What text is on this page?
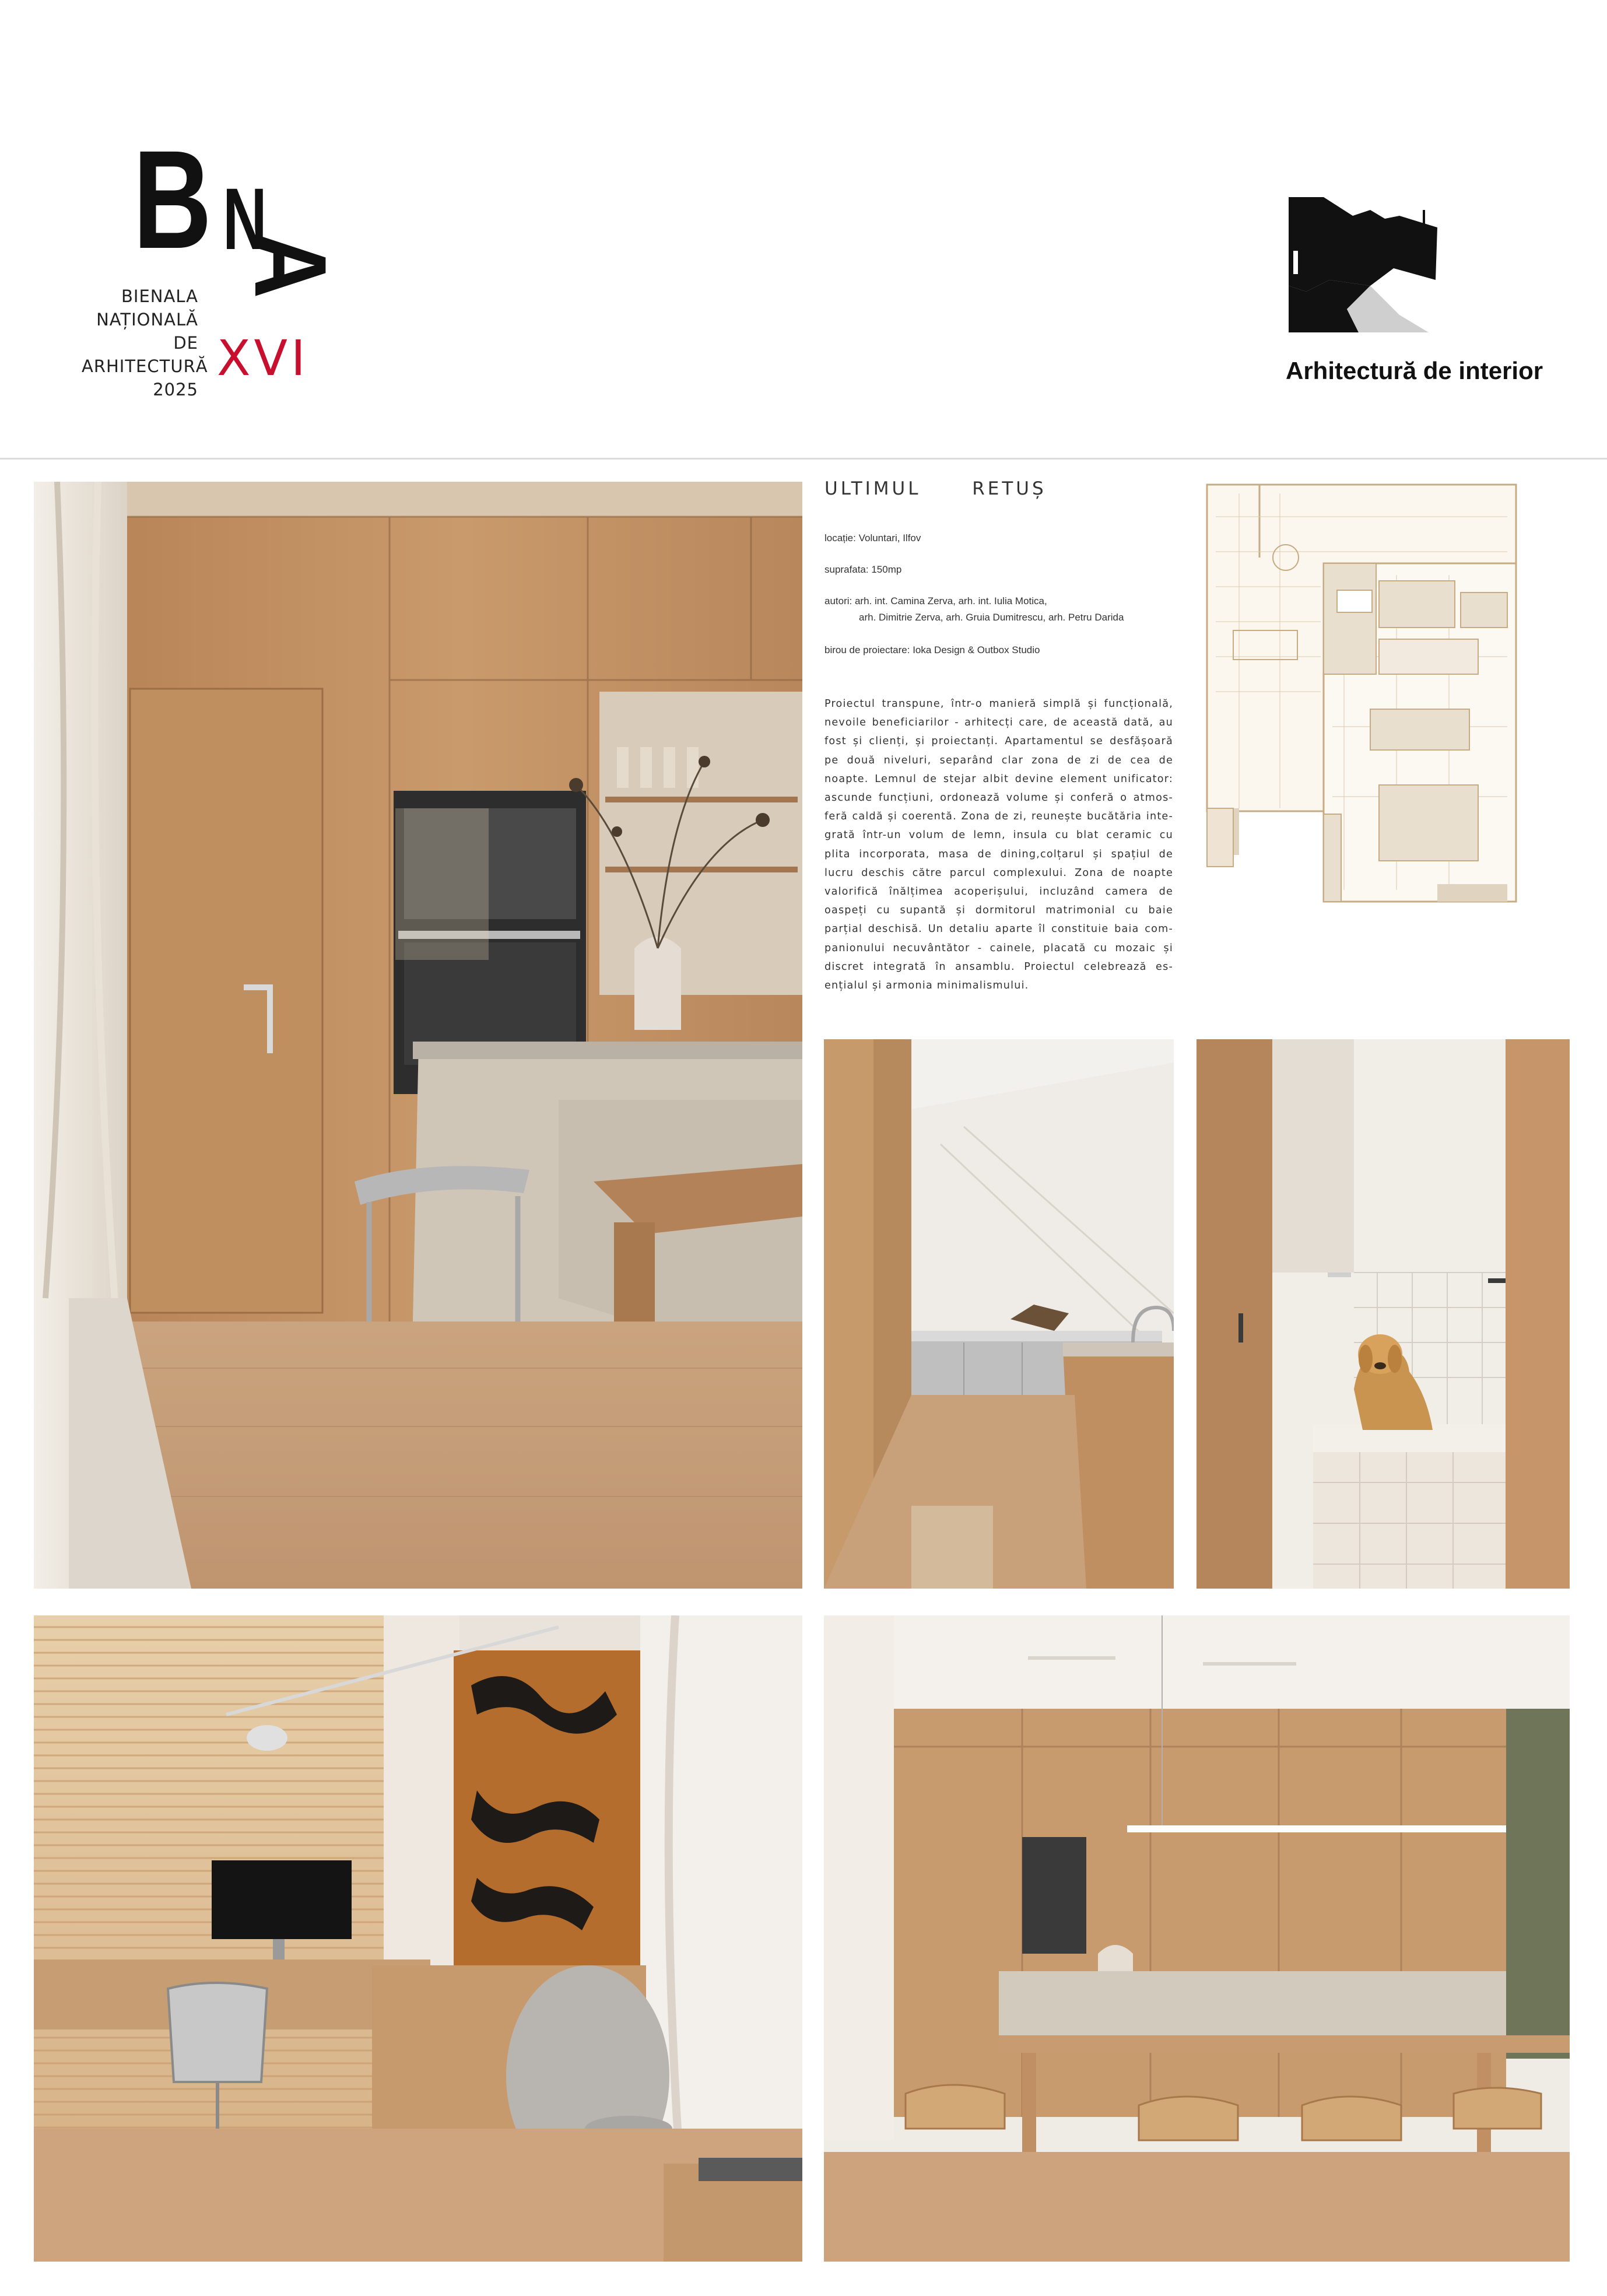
B N
A
BIENALA
NAȚIONALĂ
DE
ARHITECTURĂ
2025
XVI	Arhitectură de interior
ULTIMUL	RETUȘ
locație: Voluntari, Ilfov
suprafata: 150mp
autori: arh. int. Camina Zerva, arh. int. Iulia Motica,
arh. Dimitrie Zerva, arh. Gruia Dumitrescu, arh. Petru Darida
birou de proiectare: Ioka Design & Outbox Studio
Proiectul transpune, într-o manieră simplă și funcțională,
nevoile beneficiarilor - arhitecți care, de această dată, au
fost și clienți, și proiectanți. Apartamentul se desfășoară
pe două niveluri, separând clar zona de zi de cea de
noapte. Lemnul de stejar albit devine element unificator:
ascunde funcțiuni, ordonează volume și conferă o atmos-
feră caldă și coerentă. Zona de zi, reunește bucătăria inte-
grată într-un volum de lemn, insula cu blat ceramic cu
plita incorporata, masa de dining,colțarul și spațiul de
lucru deschis către parcul complexului. Zona de noapte
valorifică înălțimea acoperișului, incluzând camera de
oaspeți cu supantă și dormitorul matrimonial cu baie
parțial deschisă. Un detaliu aparte îl constituie baia com-
panionului necuvântător - cainele, placată cu mozaic și
discret integrată în ansamblu. Proiectul celebrează es-
ențialul și armonia minimalismului.
